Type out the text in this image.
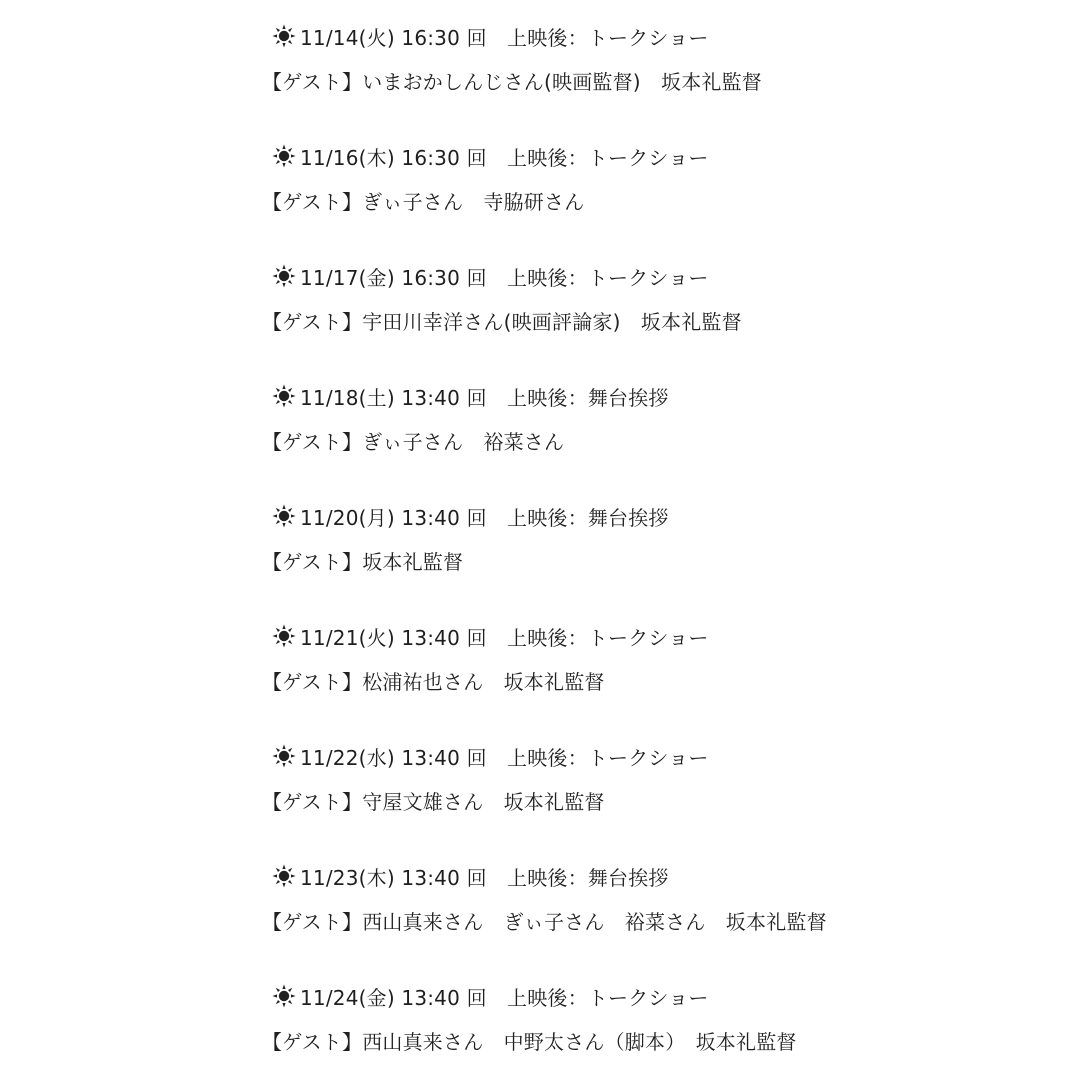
11/14(火) 16:30 回　上映後：トークショー
【ゲスト】いまおかしんじさん(映画監督)　坂本礼監督
11/16(木) 16:30 回　上映後：トークショー
【ゲスト】ぎぃ子さん　寺脇研さん
11/17(金) 16:30 回　上映後：トークショー
【ゲスト】宇田川幸洋さん(映画評論家)　坂本礼監督
11/18(土) 13:40 回　上映後：舞台挨拶
【ゲスト】ぎぃ子さん　裕菜さん
11/20(月) 13:40 回　上映後：舞台挨拶
【ゲスト】坂本礼監督
11/21(火) 13:40 回　上映後：トークショー
【ゲスト】松浦祐也さん　坂本礼監督
11/22(水) 13:40 回　上映後：トークショー
【ゲスト】守屋文雄さん　坂本礼監督
11/23(木) 13:40 回　上映後：舞台挨拶
【ゲスト】西山真来さん　ぎぃ子さん　裕菜さん　坂本礼監督
11/24(金) 13:40 回　上映後：トークショー
【ゲスト】西山真来さん　中野太さん（脚本）　坂本礼監督
